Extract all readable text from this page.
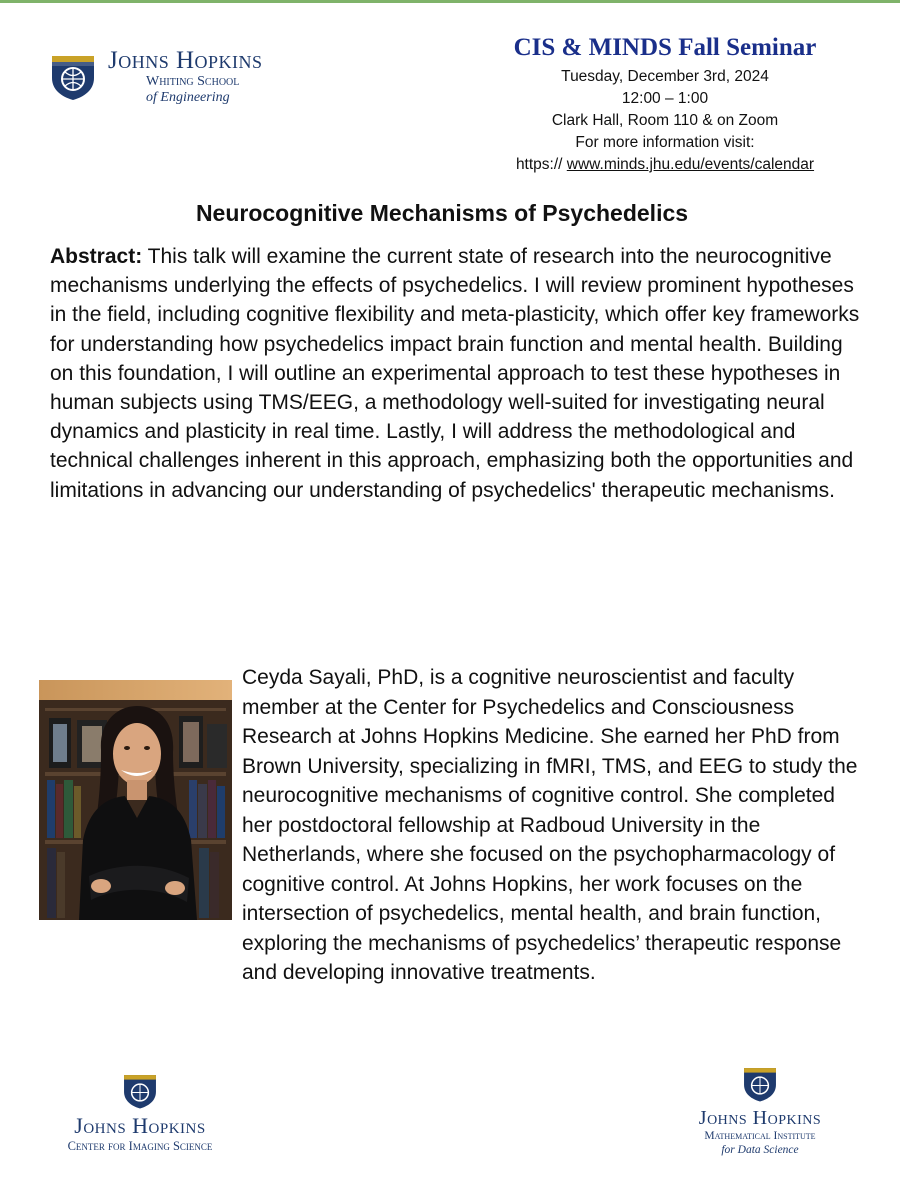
Johns Hopkins
Whiting School
of Engineering
CIS & MINDS Fall Seminar
Tuesday, December 3rd, 2024
12:00 – 1:00
Clark Hall, Room 110 & on Zoom
For more information visit:
https:// www.minds.jhu.edu/events/calendar
Neurocognitive Mechanisms of Psychedelics
Abstract: This talk will examine the current state of research into the neurocognitive mechanisms underlying the effects of psychedelics. I will review prominent hypotheses in the field, including cognitive flexibility and meta-plasticity, which offer key frameworks for understanding how psychedelics impact brain function and mental health. Building on this foundation, I will outline an experimental approach to test these hypotheses in human subjects using TMS/EEG, a methodology well-suited for investigating neural dynamics and plasticity in real time. Lastly, I will address the methodological and technical challenges inherent in this approach, emphasizing both the opportunities and limitations in advancing our understanding of psychedelics' therapeutic mechanisms.
Ceyda Sayali, PhD, is a cognitive neuroscientist and faculty member at the Center for Psychedelics and Consciousness Research at Johns Hopkins Medicine. She earned her PhD from Brown University, specializing in fMRI, TMS, and EEG to study the neurocognitive mechanisms of cognitive control. She completed her postdoctoral fellowship at Radboud University in the Netherlands, where she focused on the psychopharmacology of cognitive control. At Johns Hopkins, her work focuses on the intersection of psychedelics, mental health, and brain function, exploring the mechanisms of psychedelics’ therapeutic response and developing innovative treatments.
Johns Hopkins
Center for Imaging Science
Johns Hopkins
Mathematical Institute
for Data Science
